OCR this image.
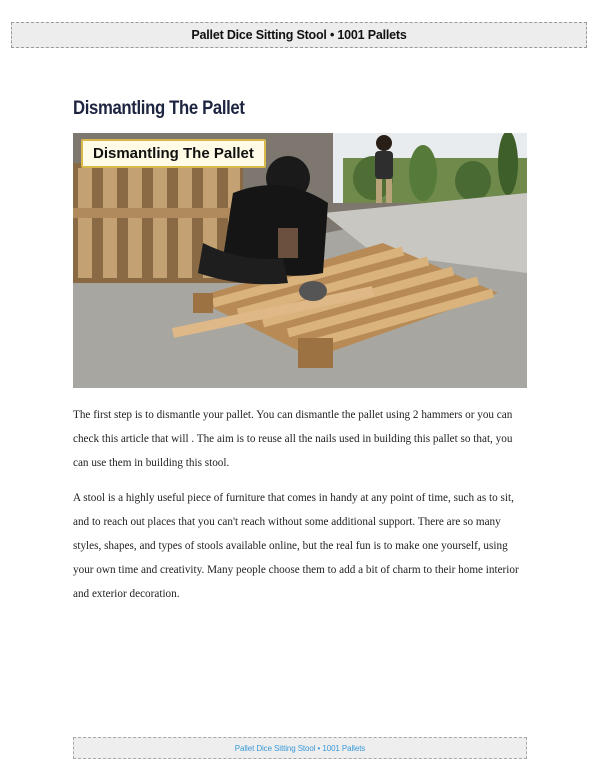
Pallet Dice Sitting Stool • 1001 Pallets
Dismantling The Pallet
Dismantling The Pallet

The first step is to dismantle your pallet. You can dismantle the pallet using 2 hammers or you can check this article that will . The aim is to reuse all the nails used in building this pallet so that, you can use them in building this stool.

A stool is a highly useful piece of furniture that comes in handy at any point of time, such as to sit, and to reach out places that you can't reach without some additional support. There are so many styles, shapes, and types of stools available online, but the real fun is to make one yourself, using your own time and creativity. Many people choose them to add a bit of charm to their home interior and exterior decoration.

Pallet Dice Sitting Stool • 1001 Pallets
